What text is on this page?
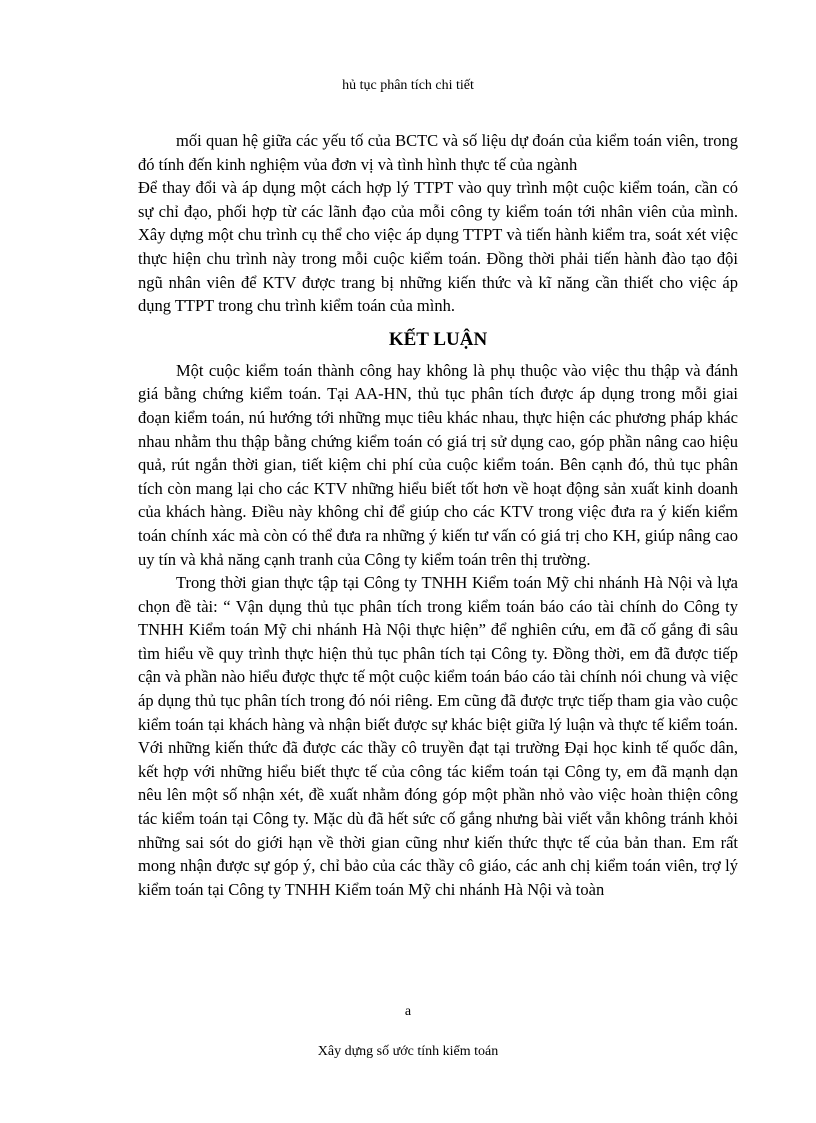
hủ tục phân tích chi tiết

mối quan hệ giữa các yếu tố của BCTC và số liệu dự đoán của kiểm toán viên, trong đó tính đến kinh nghiệm vủa đơn vị và tình hình thực tế của ngành

Để thay đổi và áp dụng một cách hợp lý TTPT vào quy trình một cuộc kiểm toán, cần có sự chỉ đạo, phối hợp từ các lãnh đạo của mỗi công ty kiểm toán tới nhân viên của mình. Xây dựng một chu trình cụ thể cho việc áp dụng TTPT và tiến hành kiểm tra, soát xét việc thực hiện chu trình này trong mỗi cuộc kiểm toán. Đồng thời phải tiến hành đào tạo đội ngũ nhân viên để KTV được trang bị những kiến thức và kĩ năng cần thiết cho việc áp dụng TTPT trong chu trình kiểm toán của mình.

KẾT LUẬN

Một cuộc kiểm toán thành công hay không là phụ thuộc vào việc thu thập và đánh giá bằng chứng kiểm toán. Tại AA-HN, thủ tục phân tích được áp dụng trong mỗi giai đoạn kiểm toán, nú hướng tới những mục tiêu khác nhau, thực hiện các phương pháp khác nhau nhằm thu thập bằng chứng kiểm toán có giá trị sử dụng cao, góp phần nâng cao hiệu quả, rút ngắn thời gian, tiết kiệm chi phí của cuộc kiểm toán. Bên cạnh đó, thủ tục phân tích còn mang lại cho các KTV những hiểu biết tốt hơn về hoạt động sản xuất kinh doanh của khách hàng. Điều này không chỉ để giúp cho các KTV trong việc đưa ra ý kiến kiểm toán chính xác mà còn có thể đưa ra những ý kiến tư vấn có giá trị cho KH, giúp nâng cao uy tín và khả năng cạnh tranh của Công ty kiểm toán trên thị trường.

Trong thời gian thực tập tại Công ty TNHH Kiểm toán Mỹ chi nhánh Hà Nội và lựa chọn đề tài: “ Vận dụng thủ tục phân tích trong kiểm toán báo cáo tài chính do Công ty TNHH Kiểm toán Mỹ chi nhánh Hà Nội thực hiện” để nghiên cứu, em đã cố gắng đi sâu tìm hiểu về quy trình thực hiện thủ tục phân tích tại Công ty. Đồng thời, em đã được tiếp cận và phần nào hiểu được thực tế một cuộc kiểm toán báo cáo tài chính nói chung và việc áp dụng thủ tục phân tích trong đó nói riêng. Em cũng đã được trực tiếp tham gia vào cuộc kiểm toán tại khách hàng và nhận biết được sự khác biệt giữa lý luận và thực tế kiểm toán. Với những kiến thức đã được các thầy cô truyền đạt tại trường Đại học kinh tế quốc dân, kết hợp với những hiểu biết thực tế của công tác kiểm toán tại Công ty, em đã mạnh dạn nêu lên một số nhận xét, đề xuất nhằm đóng góp một phần nhỏ vào việc hoàn thiện công tác kiểm toán tại Công ty. Mặc dù đã hết sức cố gắng nhưng bài viết vẫn không tránh khỏi những sai sót do giới hạn về thời gian cũng như kiến thức thực tế của bản than. Em rất mong nhận được sự góp ý, chỉ bảo của các thầy cô giáo, các anh chị kiểm toán viên, trợ lý kiểm toán tại Công ty TNHH Kiểm toán Mỹ chi nhánh Hà Nội và toàn

a
Xây dựng số ước tính kiểm toán
